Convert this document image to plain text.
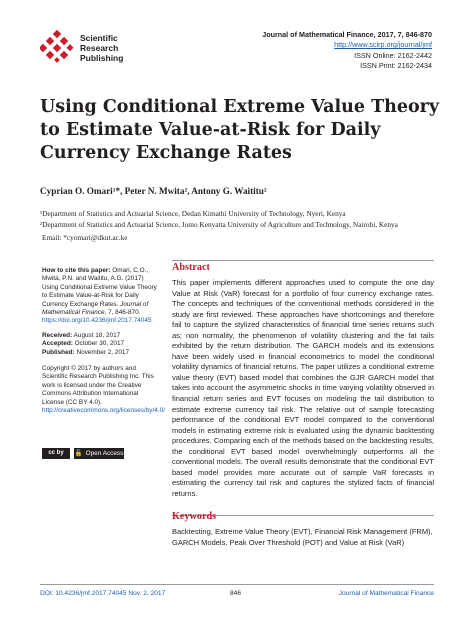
Scientific
Research
Publishing
Journal of Mathematical Finance, 2017, 7, 846-870
http://www.scirp.org/journal/jmf
ISSN Online: 2162-2442
ISSN Print: 2162-2434
Using Conditional Extreme Value Theory to Estimate Value-at-Risk for Daily Currency Exchange Rates
Cyprian O. Omari¹*, Peter N. Mwita², Antony G. Waititu²
¹Department of Statistics and Actuarial Science, Dedan Kimathi University of Technology, Nyeri, Kenya
²Department of Statistics and Actuarial Science, Jomo Kenyatta University of Agriculture and Technology, Nairobi, Kenya
Email: *cyomari@dkut.ac.ke

How to cite this paper: Omari, C.O., Mwita, P.N. and Waititu, A.G. (2017) Using Conditional Extreme Value Theory to Estimate Value-at-Risk for Daily Currency Exchange Rates. Journal of Mathematical Finance, 7, 846-870.
https://doi.org/10.4236/jmf.2017.74045

Received: August 18, 2017

Accepted: October 30, 2017

Published: November 2, 2017

Copyright © 2017 by authors and Scientific Research Publishing Inc. This work is licensed under the Creative Commons Attribution International License (CC BY 4.0).
http://creativecommons.org/licenses/by/4.0/

cc by	🔓 Open Access
Abstract

This paper implements different approaches used to compute the one day Value at Risk (VaR) forecast for a portfolio of four currency exchange rates. The concepts and techniques of the conventional methods considered in the study are first reviewed. These approaches have shortcomings and therefore fail to capture the stylized characteristics of financial time series returns such as; non normality, the phenomenon of volatility clustering and the fat tails exhibited by the return distribution. The GARCH models and its extensions have been widely used in financial econometrics to model the conditional volatility dynamics of financial returns. The paper utilizes a conditional extreme value theory (EVT) based model that combines the GJR GARCH model that takes into account the asymmetric shocks in time varying volatility observed in financial return series and EVT focuses on modeling the tail distribution to estimate extreme currency tail risk. The relative out of sample forecasting performance of the conditional EVT model compared to the conventional models in estimating extreme risk is evaluated using the dynamic backtesting procedures. Comparing each of the methods based on the backtesting results, the conditional EVT based model overwhelmingly outperforms all the conventional models. The overall results demonstrate that the conditional EVT based model provides more accurate out of sample VaR forecasts in estimating the currency tail risk and captures the stylized facts of financial returns.

Keywords

Backtesting, Extreme Value Theory (EVT), Financial Risk Management (FRM), GARCH Models, Peak Over Threshold (POT) and Value at Risk (VaR)

DOI: 10.4236/jmf.2017.74045 Nov. 2, 2017	846	Journal of Mathematical Finance
